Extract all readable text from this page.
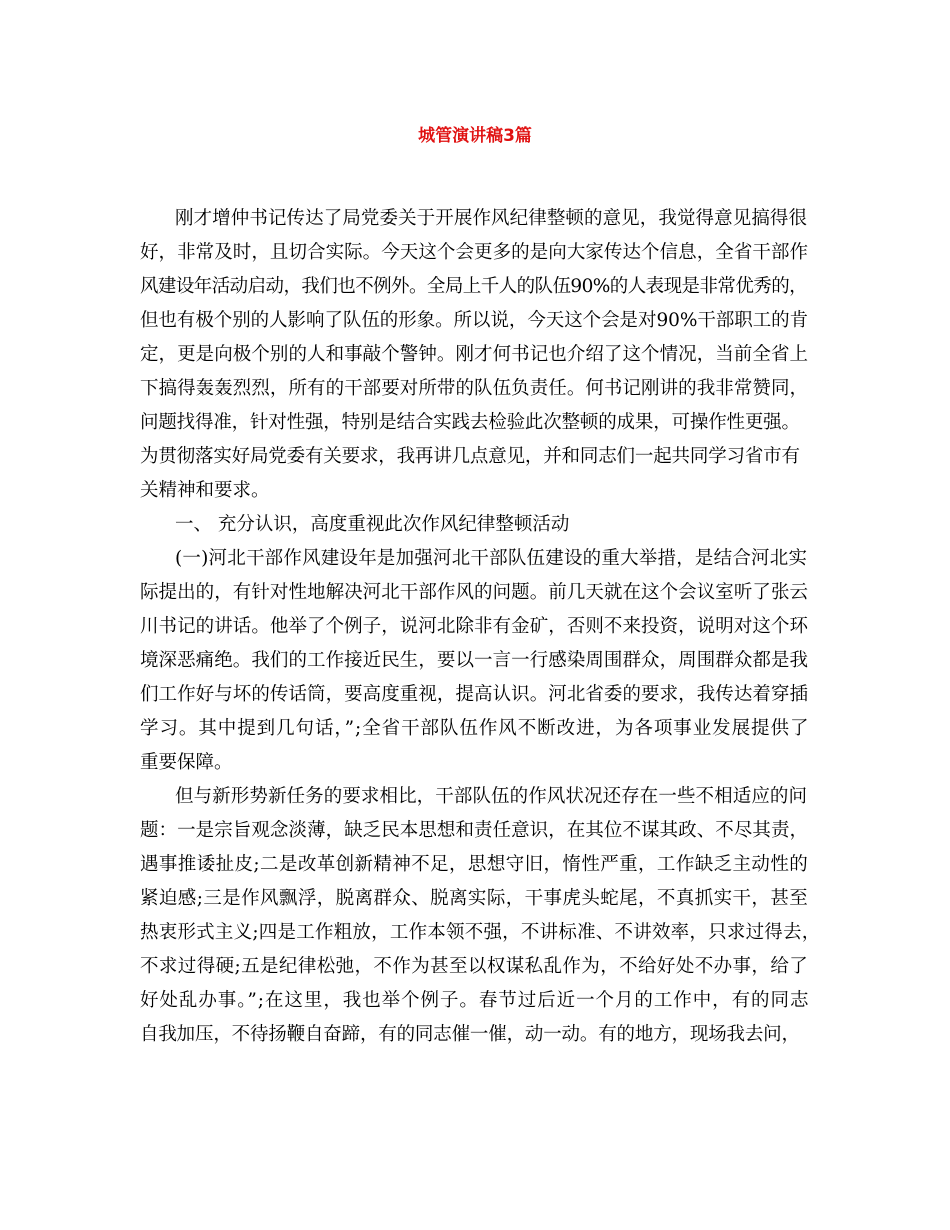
城管演讲稿3篇
刚才增仲书记传达了局党委关于开展作风纪律整顿的意见，我觉得意见搞得很
好，非常及时，且切合实际。今天这个会更多的是向大家传达个信息，全省干部作
风建设年活动启动，我们也不例外。全局上千人的队伍90%的人表现是非常优秀的，
但也有极个别的人影响了队伍的形象。所以说，今天这个会是对90%干部职工的肯
定，更是向极个别的人和事敲个警钟。刚才何书记也介绍了这个情况，当前全省上
下搞得轰轰烈烈，所有的干部要对所带的队伍负责任。何书记刚讲的我非常赞同，
问题找得准，针对性强，特别是结合实践去检验此次整顿的成果，可操作性更强。
为贯彻落实好局党委有关要求，我再讲几点意见，并和同志们一起共同学习省市有
关精神和要求。
一、 充分认识，高度重视此次作风纪律整顿活动
(一)河北干部作风建设年是加强河北干部队伍建设的重大举措，是结合河北实
际提出的，有针对性地解决河北干部作风的问题。前几天就在这个会议室听了张云
川书记的讲话。他举了个例子，说河北除非有金矿，否则不来投资，说明对这个环
境深恶痛绝。我们的工作接近民生，要以一言一行感染周围群众，周围群众都是我
们工作好与坏的传话筒，要高度重视，提高认识。河北省委的要求，我传达着穿插
学习。其中提到几句话，”;全省干部队伍作风不断改进，为各项事业发展提供了
重要保障。
但与新形势新任务的要求相比，干部队伍的作风状况还存在一些不相适应的问
题：一是宗旨观念淡薄，缺乏民本思想和责任意识，在其位不谋其政、不尽其责，
遇事推诿扯皮;二是改革创新精神不足，思想守旧，惰性严重，工作缺乏主动性的
紧迫感;三是作风飘浮，脱离群众、脱离实际，干事虎头蛇尾，不真抓实干，甚至
热衷形式主义;四是工作粗放，工作本领不强，不讲标准、不讲效率，只求过得去，
不求过得硬;五是纪律松弛，不作为甚至以权谋私乱作为，不给好处不办事，给了
好处乱办事。”;在这里，我也举个例子。春节过后近一个月的工作中，有的同志
自我加压，不待扬鞭自奋蹄，有的同志催一催，动一动。有的地方，现场我去问，
